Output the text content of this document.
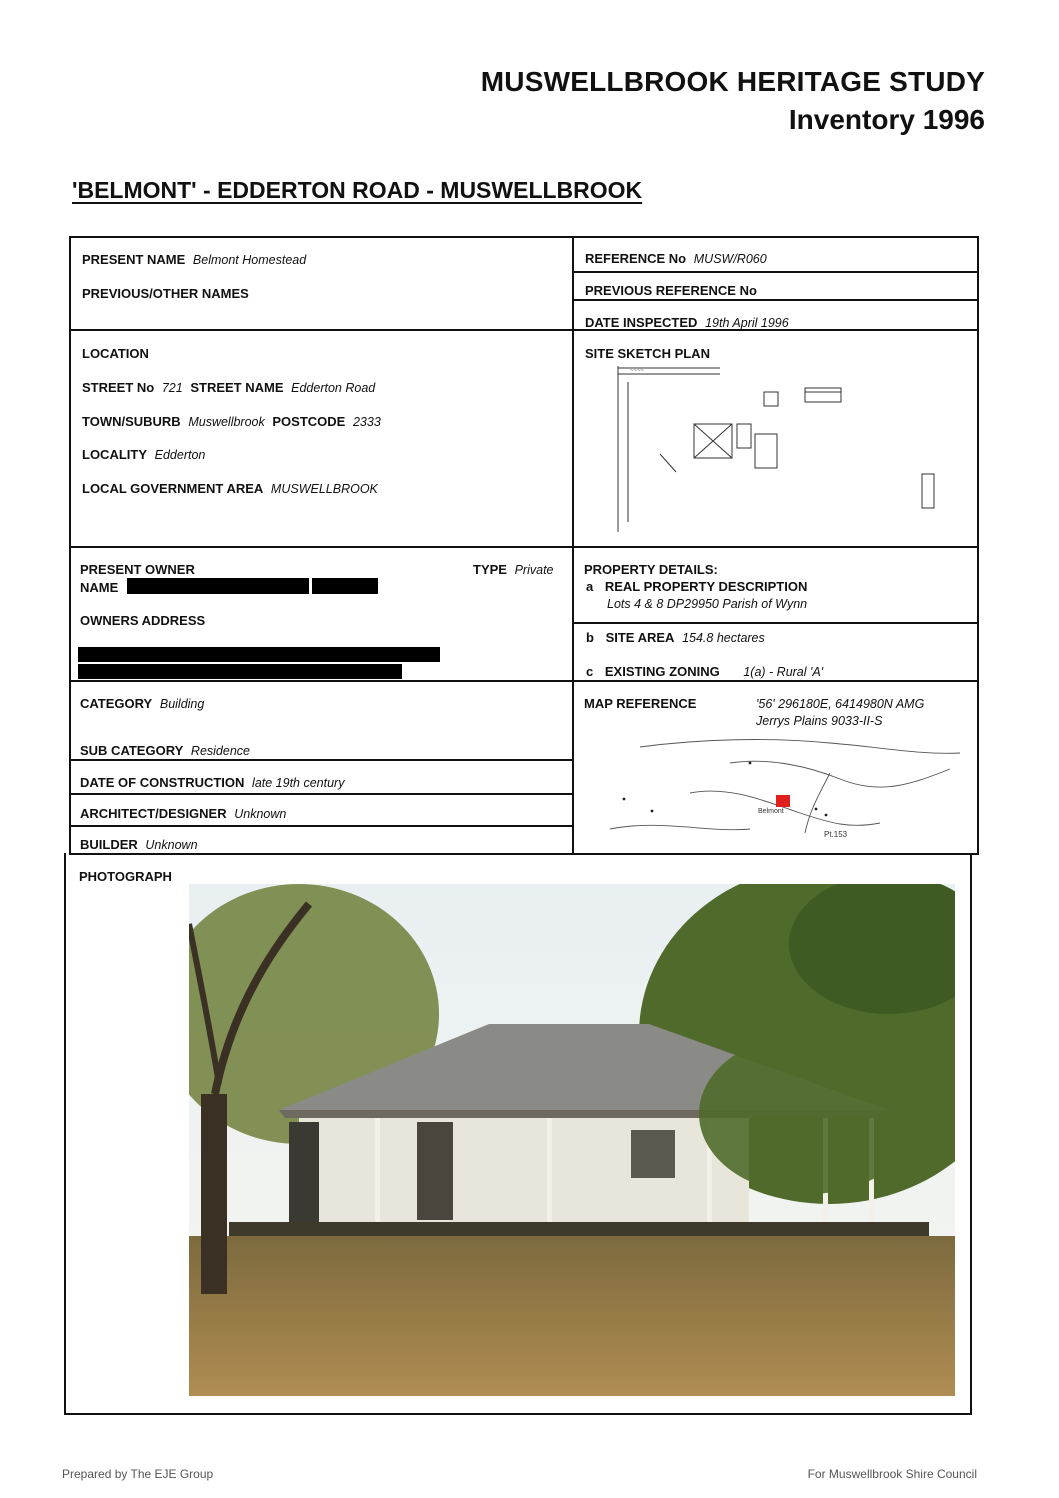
MUSWELLBROOK HERITAGE STUDY
Inventory 1996
'BELMONT' - EDDERTON ROAD - MUSWELLBROOK
PRESENT NAME Belmont Homestead
PREVIOUS/OTHER NAMES
REFERENCE No MUSW/R060
PREVIOUS REFERENCE No
DATE INSPECTED 19th April 1996
LOCATION
STREET No 721 STREET NAME Edderton Road
TOWN/SUBURB Muswellbrook POSTCODE 2333
LOCALITY Edderton
LOCAL GOVERNMENT AREA MUSWELLBROOK
SITE SKETCH PLAN
~~~~
PRESENT OWNER
NAME
TYPE Private
OWNERS ADDRESS
PROPERTY DETAILS:
a REAL PROPERTY DESCRIPTION
Lots 4 & 8 DP29950 Parish of Wynn
b SITE AREA 154.8 hectares
c EXISTING ZONING 1(a) - Rural 'A'
CATEGORY Building
SUB CATEGORY Residence
DATE OF CONSTRUCTION late 19th century
ARCHITECT/DESIGNER Unknown
BUILDER Unknown
MAP REFERENCE	'56' 296180E, 6414980N AMG
Jerrys Plains 9033-II-S
Belmont
Pt.153
PHOTOGRAPH
Prepared by The EJE Group	For Muswellbrook Shire Council
